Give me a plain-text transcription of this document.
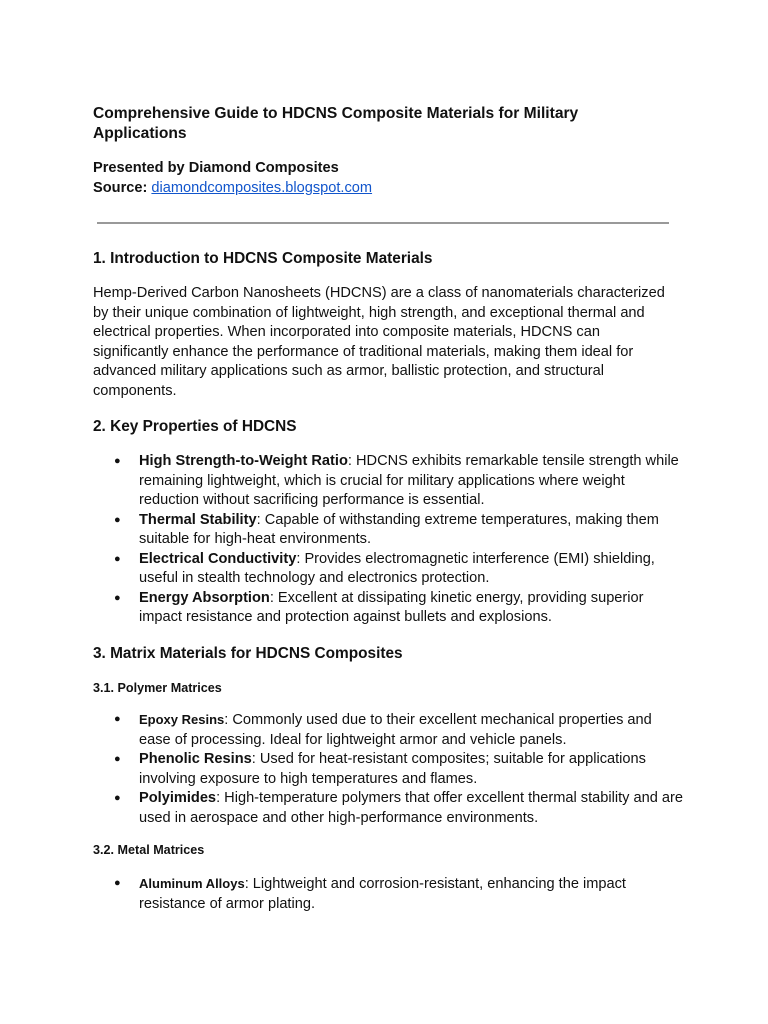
Comprehensive Guide to HDCNS Composite Materials for Military Applications
Presented by Diamond Composites
Source: diamondcomposites.blogspot.com
1. Introduction to HDCNS Composite Materials
Hemp-Derived Carbon Nanosheets (HDCNS) are a class of nanomaterials characterized by their unique combination of lightweight, high strength, and exceptional thermal and electrical properties. When incorporated into composite materials, HDCNS can significantly enhance the performance of traditional materials, making them ideal for advanced military applications such as armor, ballistic protection, and structural components.
2. Key Properties of HDCNS
● High Strength-to-Weight Ratio: HDCNS exhibits remarkable tensile strength while remaining lightweight, which is crucial for military applications where weight reduction without sacrificing performance is essential.
● Thermal Stability: Capable of withstanding extreme temperatures, making them suitable for high-heat environments.
● Electrical Conductivity: Provides electromagnetic interference (EMI) shielding, useful in stealth technology and electronics protection.
● Energy Absorption: Excellent at dissipating kinetic energy, providing superior impact resistance and protection against bullets and explosions.
3. Matrix Materials for HDCNS Composites
3.1. Polymer Matrices
● Epoxy Resins: Commonly used due to their excellent mechanical properties and ease of processing. Ideal for lightweight armor and vehicle panels.
● Phenolic Resins: Used for heat-resistant composites; suitable for applications involving exposure to high temperatures and flames.
● Polyimides: High-temperature polymers that offer excellent thermal stability and are used in aerospace and other high-performance environments.
3.2. Metal Matrices
● Aluminum Alloys: Lightweight and corrosion-resistant, enhancing the impact resistance of armor plating.
